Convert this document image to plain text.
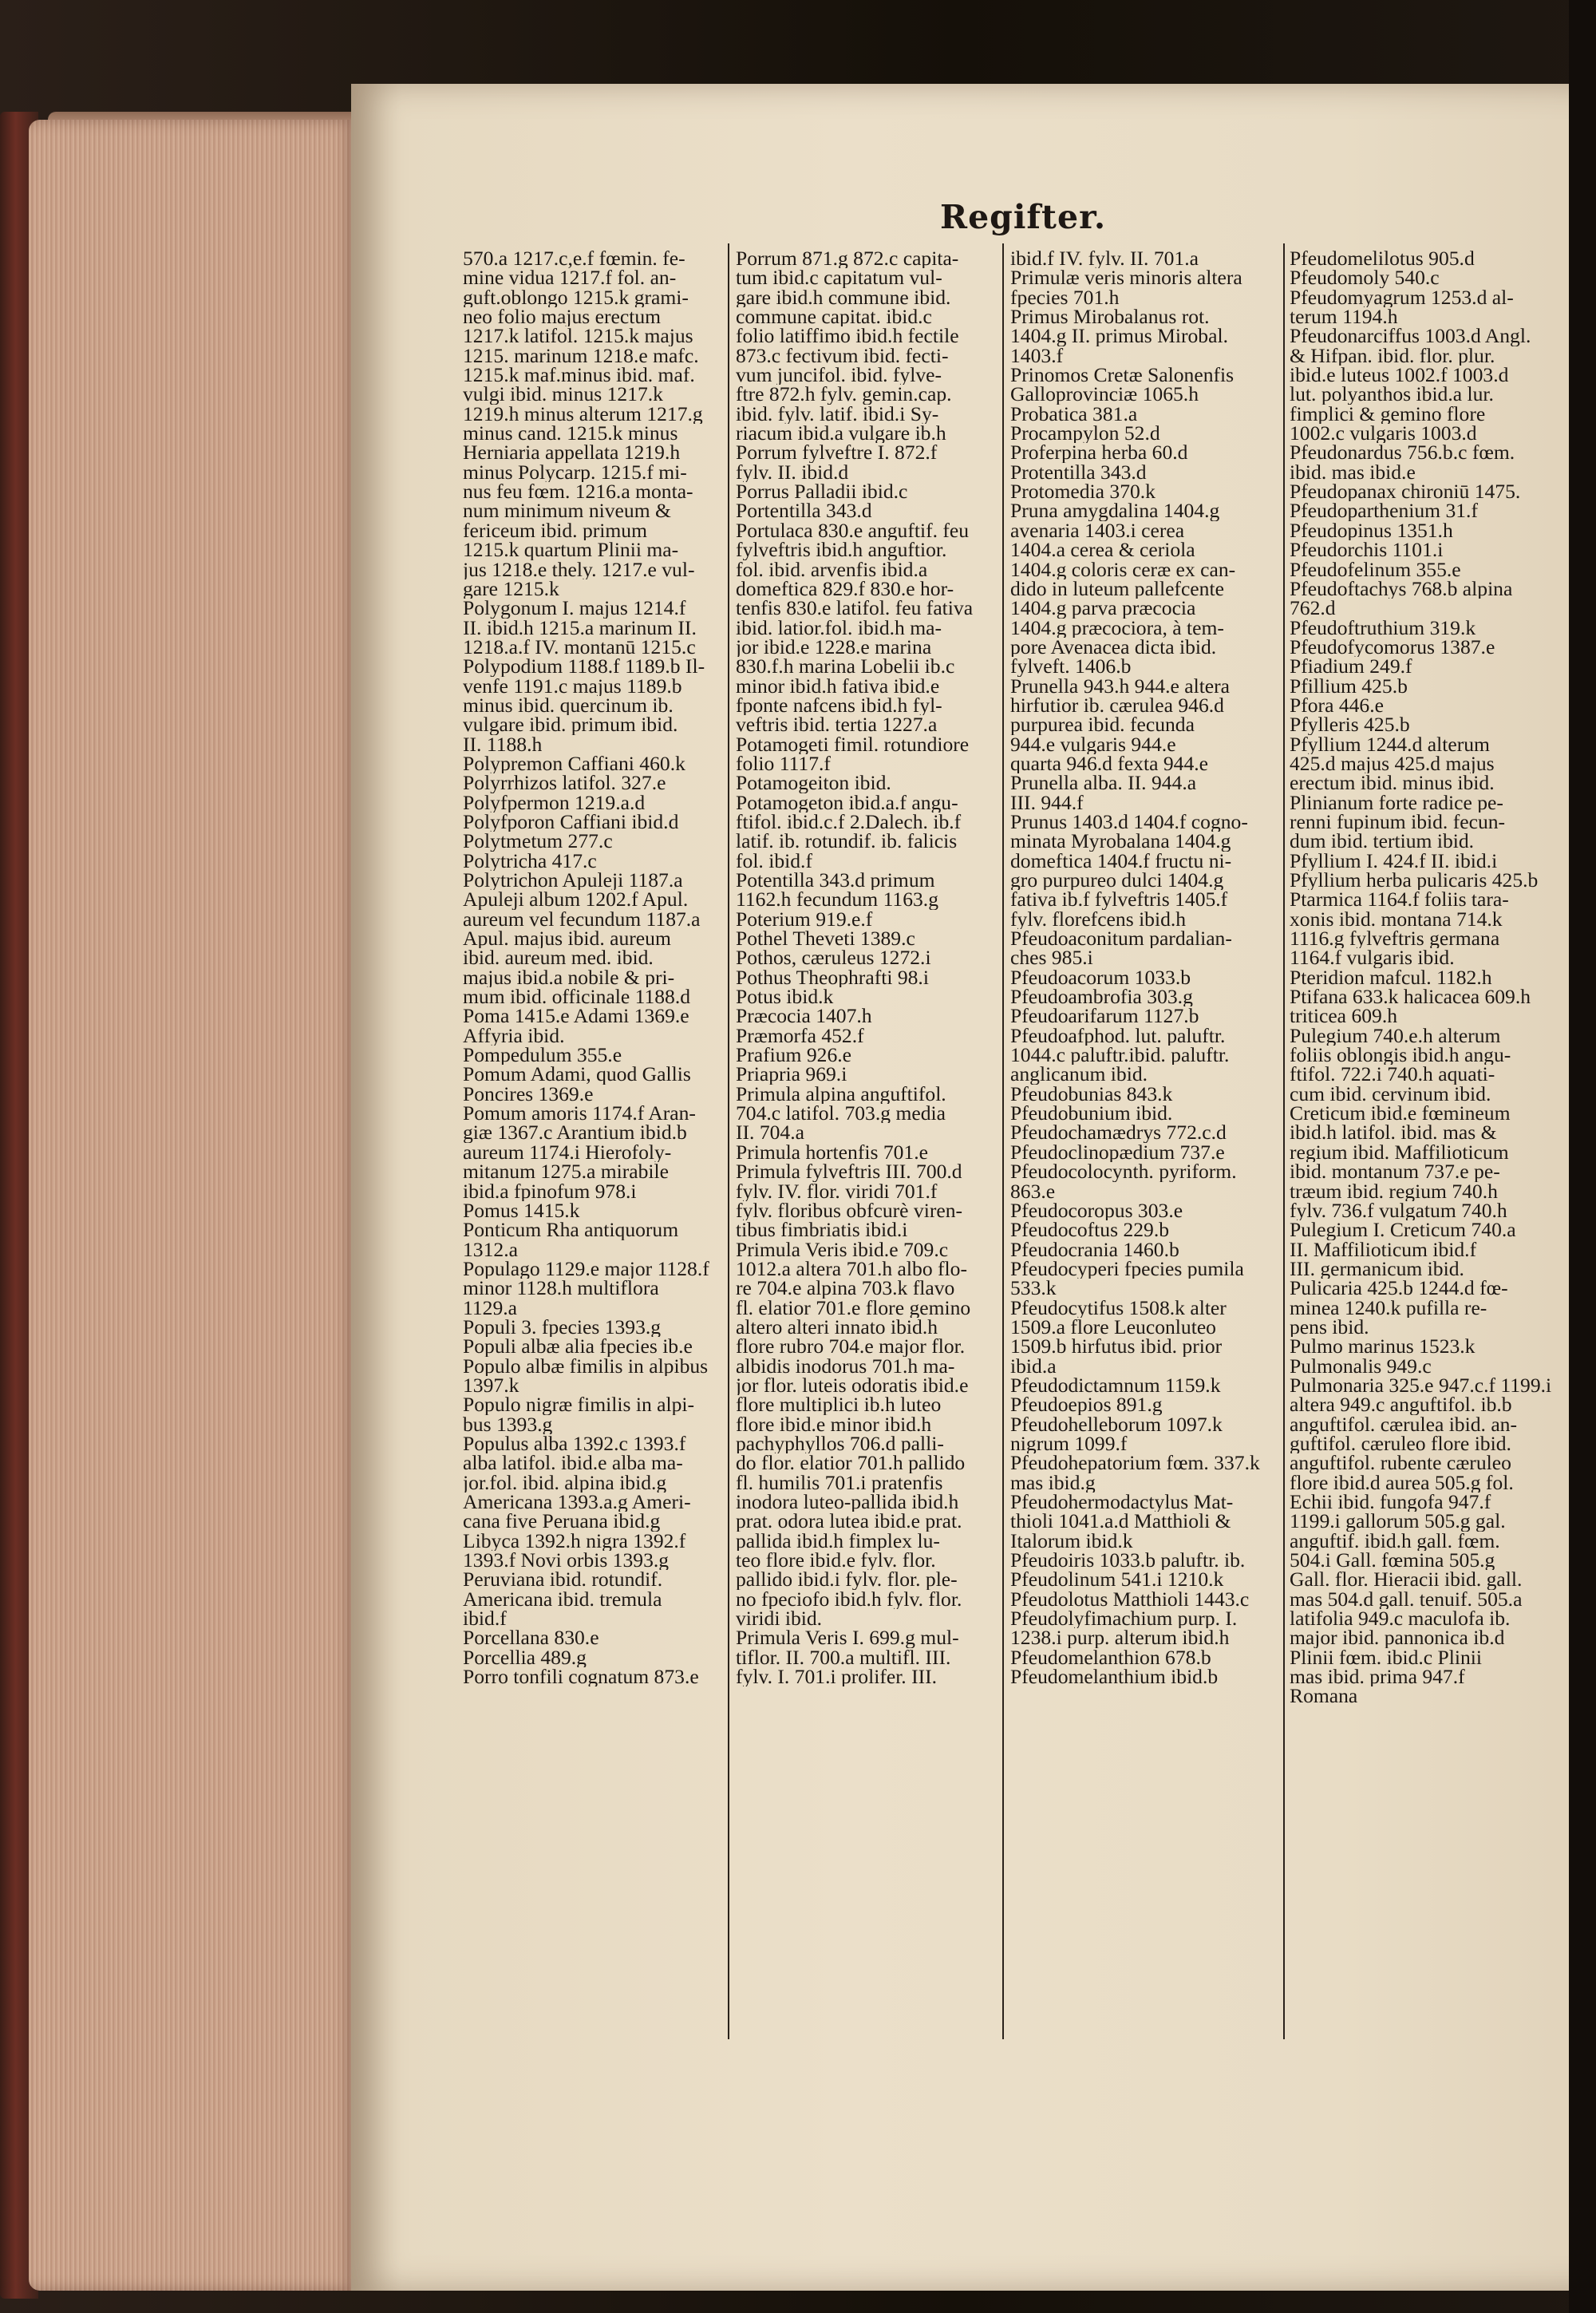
Regifter.
570.a 1217.c,e.f fœmin. fe-
mine vidua 1217.f fol. an-
guft.oblongo 1215.k grami-
neo folio majus erectum
1217.k latifol. 1215.k majus
1215. marinum 1218.e mafc.
1215.k maf.minus ibid. maf.
vulgi ibid. minus 1217.k
1219.h minus alterum 1217.g
minus cand. 1215.k minus
Herniaria appellata 1219.h
minus Polycarp. 1215.f mi-
nus feu fœm. 1216.a monta-
num minimum niveum &
fericeum ibid. primum
1215.k quartum Plinii ma-
jus 1218.e thely. 1217.e vul-
gare 1215.k
Polygonum I. majus 1214.f
II. ibid.h 1215.a marinum II.
1218.a.f IV. montanū 1215.c
Polypodium 1188.f 1189.b Il-
venfe 1191.c majus 1189.b
minus ibid. quercinum ib.
vulgare ibid. primum ibid.
II. 1188.h
Polypremon Caffiani 460.k
Polyrrhizos latifol. 327.e
Polyfpermon 1219.a.d
Polyfporon Caffiani ibid.d
Polytmetum 277.c
Polytricha 417.c
Polytrichon Apuleji 1187.a
Apuleji album 1202.f Apul.
aureum vel fecundum 1187.a
Apul. majus ibid. aureum
ibid. aureum med. ibid.
majus ibid.a nobile & pri-
mum ibid. officinale 1188.d
Poma 1415.e Adami 1369.e
Affyria ibid.
Pompedulum 355.e
Pomum Adami, quod Gallis
Poncires 1369.e
Pomum amoris 1174.f Aran-
giæ 1367.c Arantium ibid.b
aureum 1174.i Hierofoly-
mitanum 1275.a mirabile
ibid.a fpinofum 978.i
Pomus 1415.k
Ponticum Rha antiquorum
1312.a
Populago 1129.e major 1128.f
minor 1128.h multiflora
1129.a
Populi 3. fpecies 1393.g
Populi albæ alia fpecies ib.e
Populo albæ fimilis in alpibus
1397.k
Populo nigræ fimilis in alpi-
bus 1393.g
Populus alba 1392.c 1393.f
alba latifol. ibid.e alba ma-
jor.fol. ibid. alpina ibid.g
Americana 1393.a.g Ameri-
cana five Peruana ibid.g
Libyca 1392.h nigra 1392.f
1393.f Novi orbis 1393.g
Peruviana ibid. rotundif.
Americana ibid. tremula
ibid.f
Porcellana 830.e
Porcellia 489.g
Porro tonfili cognatum 873.e
Porrum 871.g 872.c capita-
tum ibid.c capitatum vul-
gare ibid.h commune ibid.
commune capitat. ibid.c
folio latiffimo ibid.h fectile
873.c fectivum ibid. fecti-
vum juncifol. ibid. fylve-
ftre 872.h fylv. gemin.cap.
ibid. fylv. latif. ibid.i Sy-
riacum ibid.a vulgare ib.h
Porrum fylveftre I. 872.f
fylv. II. ibid.d
Porrus Palladii ibid.c
Portentilla 343.d
Portulaca 830.e anguftif. feu
fylveftris ibid.h anguftior.
fol. ibid. arvenfis ibid.a
domeftica 829.f 830.e hor-
tenfis 830.e latifol. feu fativa
ibid. latior.fol. ibid.h ma-
jor ibid.e 1228.e marina
830.f.h marina Lobelii ib.c
minor ibid.h fativa ibid.e
fponte nafcens ibid.h fyl-
veftris ibid. tertia 1227.a
Potamogeti fimil. rotundiore
folio 1117.f
Potamogeiton ibid.
Potamogeton ibid.a.f angu-
ftifol. ibid.c.f 2.Dalech. ib.f
latif. ib. rotundif. ib. falicis
fol. ibid.f
Potentilla 343.d primum
1162.h fecundum 1163.g
Poterium 919.e.f
Pothel Theveti 1389.c
Pothos, cæruleus 1272.i
Pothus Theophrafti 98.i
Potus ibid.k
Præcocia 1407.h
Præmorfa 452.f
Prafium 926.e
Priapria 969.i
Primula alpina anguftifol.
704.c latifol. 703.g media
II. 704.a
Primula hortenfis 701.e
Primula fylveftris III. 700.d
fylv. IV. flor. viridi 701.f
fylv. floribus obfcurè viren-
tibus fimbriatis ibid.i
Primula Veris ibid.e 709.c
1012.a altera 701.h albo flo-
re 704.e alpina 703.k flavo
fl. elatior 701.e flore gemino
altero alteri innato ibid.h
flore rubro 704.e major flor.
albidis inodorus 701.h ma-
jor flor. luteis odoratis ibid.e
flore multiplici ib.h luteo
flore ibid.e minor ibid.h
pachyphyllos 706.d palli-
do flor. elatior 701.h pallido
fl. humilis 701.i pratenfis
inodora luteo-pallida ibid.h
prat. odora lutea ibid.e prat.
pallida ibid.h fimplex lu-
teo flore ibid.e fylv. flor.
pallido ibid.i fylv. flor. ple-
no fpeciofo ibid.h fylv. flor.
viridi ibid.
Primula Veris I. 699.g mul-
tiflor. II. 700.a multifl. III.
fylv. I. 701.i prolifer. III.
ibid.f IV. fylv. II. 701.a
Primulæ veris minoris altera
fpecies 701.h
Primus Mirobalanus rot.
1404.g II. primus Mirobal.
1403.f
Prinomos Cretæ Salonenfis
Galloprovinciæ 1065.h
Probatica 381.a
Procampylon 52.d
Proferpina herba 60.d
Protentilla 343.d
Protomedia 370.k
Pruna amygdalina 1404.g
avenaria 1403.i cerea
1404.a cerea & ceriola
1404.g coloris ceræ ex can-
dido in luteum pallefcente
1404.g parva præcocia
1404.g præcociora, à tem-
pore Avenacea dicta ibid.
fylveft. 1406.b
Prunella 943.h 944.e altera
hirfutior ib. cærulea 946.d
purpurea ibid. fecunda
944.e vulgaris 944.e
quarta 946.d fexta 944.e
Prunella alba. II. 944.a
III. 944.f
Prunus 1403.d 1404.f cogno-
minata Myrobalana 1404.g
domeftica 1404.f fructu ni-
gro purpureo dulci 1404.g
fativa ib.f fylveftris 1405.f
fylv. florefcens ibid.h
Pfeudoaconitum pardalian-
ches 985.i
Pfeudoacorum 1033.b
Pfeudoambrofia 303.g
Pfeudoarifarum 1127.b
Pfeudoafphod. lut. paluftr.
1044.c paluftr.ibid. paluftr.
anglicanum ibid.
Pfeudobunias 843.k
Pfeudobunium ibid.
Pfeudochamædrys 772.c.d
Pfeudoclinopædium 737.e
Pfeudocolocynth. pyriform.
863.e
Pfeudocoropus 303.e
Pfeudocoftus 229.b
Pfeudocrania 1460.b
Pfeudocyperi fpecies pumila
533.k
Pfeudocytifus 1508.k alter
1509.a flore Leuconluteo
1509.b hirfutus ibid. prior
ibid.a
Pfeudodictamnum 1159.k
Pfeudoepios 891.g
Pfeudohelleborum 1097.k
nigrum 1099.f
Pfeudohepatorium fœm. 337.k
mas ibid.g
Pfeudohermodactylus Mat-
thioli 1041.a.d Matthioli &
Italorum ibid.k
Pfeudoiris 1033.b paluftr. ib.
Pfeudolinum 541.i 1210.k
Pfeudolotus Matthioli 1443.c
Pfeudolyfimachium purp. I.
1238.i purp. alterum ibid.h
Pfeudomelanthion 678.b
Pfeudomelanthium ibid.b
Pfeudomelilotus 905.d
Pfeudomoly 540.c
Pfeudomyagrum 1253.d al-
terum 1194.h
Pfeudonarciffus 1003.d Angl.
& Hifpan. ibid. flor. plur.
ibid.e luteus 1002.f 1003.d
lut. polyanthos ibid.a lur.
fimplici & gemino flore
1002.c vulgaris 1003.d
Pfeudonardus 756.b.c fœm.
ibid. mas ibid.e
Pfeudopanax chironiū 1475.
Pfeudoparthenium 31.f
Pfeudopinus 1351.h
Pfeudorchis 1101.i
Pfeudofelinum 355.e
Pfeudoftachys 768.b alpina
762.d
Pfeudoftruthium 319.k
Pfeudofycomorus 1387.e
Pfiadium 249.f
Pfillium 425.b
Pfora 446.e
Pfylleris 425.b
Pfyllium 1244.d alterum
425.d majus 425.d majus
erectum ibid. minus ibid.
Plinianum forte radice pe-
renni fupinum ibid. fecun-
dum ibid. tertium ibid.
Pfyllium I. 424.f II. ibid.i
Pfyllium herba pulicaris 425.b
Ptarmica 1164.f foliis tara-
xonis ibid. montana 714.k
1116.g fylveftris germana
1164.f vulgaris ibid.
Pteridion mafcul. 1182.h
Ptifana 633.k halicacea 609.h
triticea 609.h
Pulegium 740.e.h alterum
foliis oblongis ibid.h angu-
ftifol. 722.i 740.h aquati-
cum ibid. cervinum ibid.
Creticum ibid.e fœmineum
ibid.h latifol. ibid. mas &
regium ibid. Maffilioticum
ibid. montanum 737.e pe-
træum ibid. regium 740.h
fylv. 736.f vulgatum 740.h
Pulegium I. Creticum 740.a
II. Maffilioticum ibid.f
III. germanicum ibid.
Pulicaria 425.b 1244.d fœ-
minea 1240.k pufilla re-
pens ibid.
Pulmo marinus 1523.k
Pulmonalis 949.c
Pulmonaria 325.e 947.c.f 1199.i
altera 949.c anguftifol. ib.b
anguftifol. cærulea ibid. an-
guftifol. cæruleo flore ibid.
anguftifol. rubente cæruleo
flore ibid.d aurea 505.g fol.
Echii ibid. fungofa 947.f
1199.i gallorum 505.g gal.
anguftif. ibid.h gall. fœm.
504.i Gall. fœmina 505.g
Gall. flor. Hieracii ibid. gall.
mas 504.d gall. tenuif. 505.a
latifolia 949.c maculofa ib.
major ibid. pannonica ib.d
Plinii fœm. ibid.c Plinii
mas ibid. prima 947.f
Romana
